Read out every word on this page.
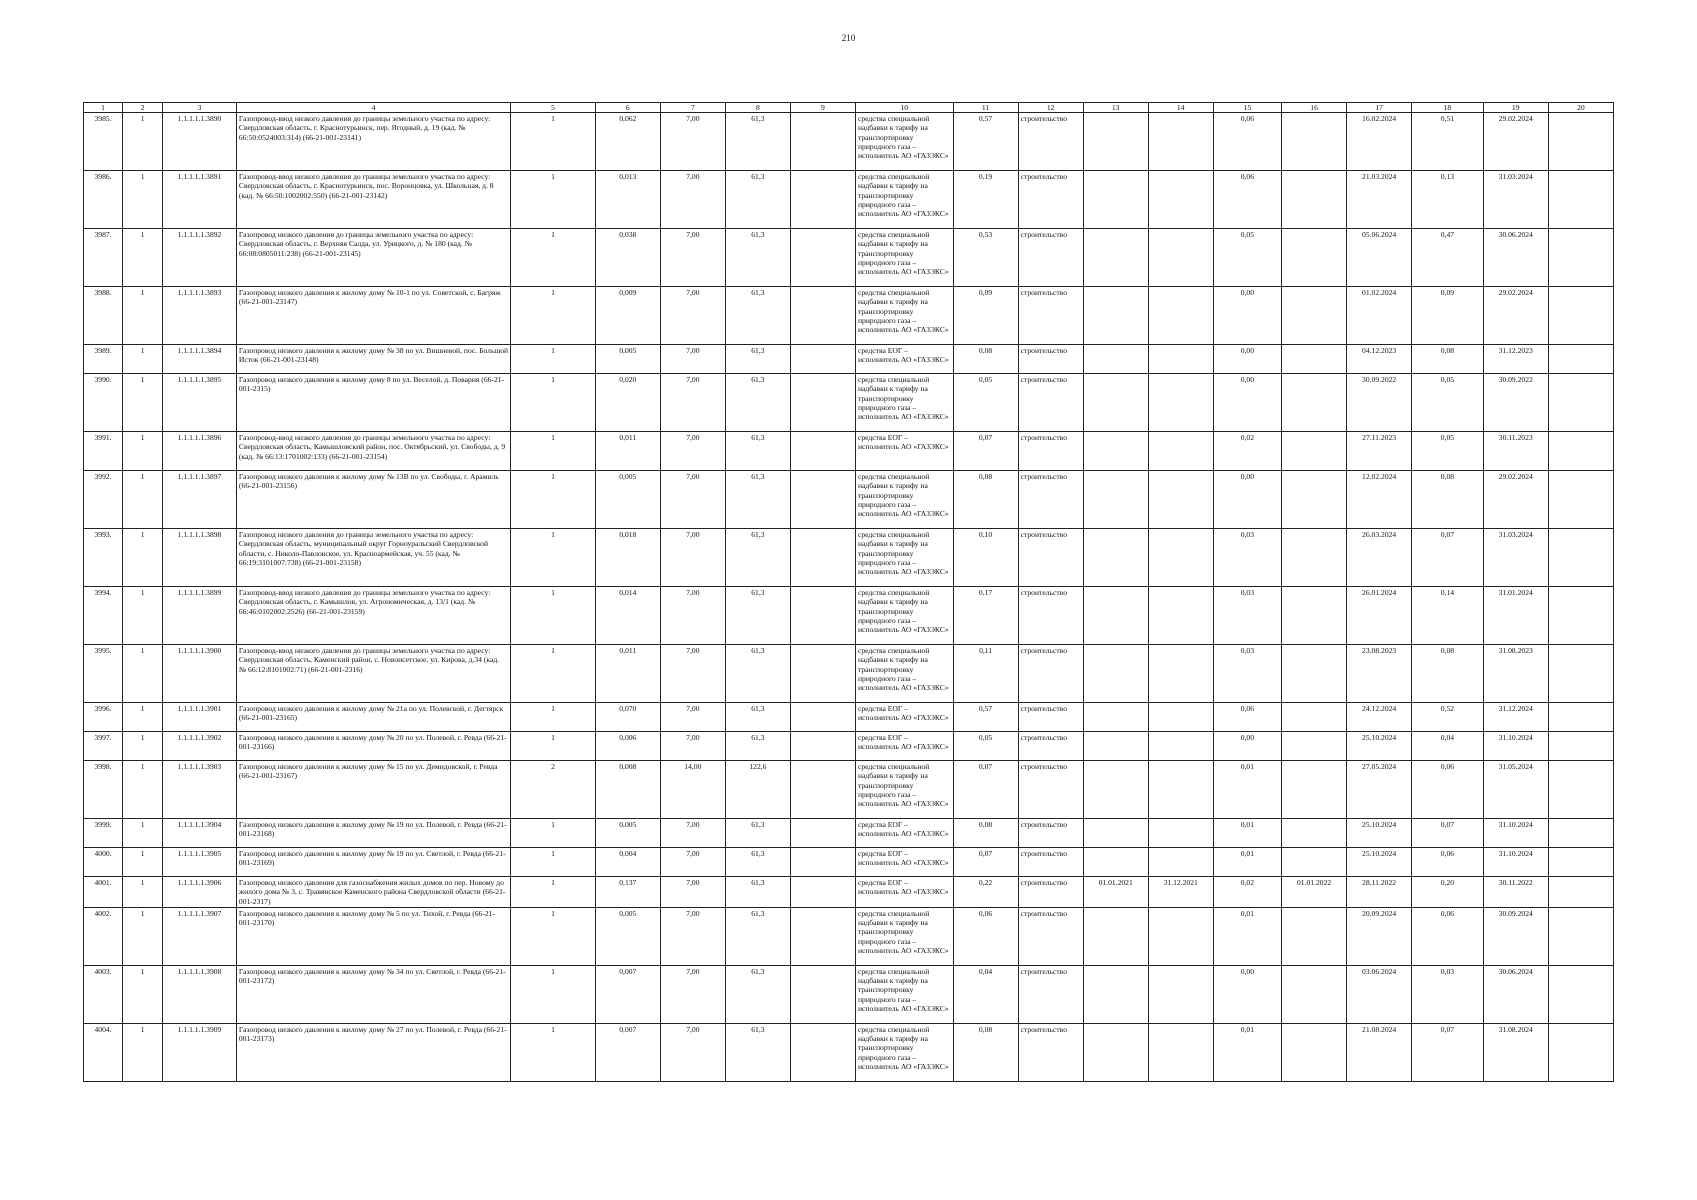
210
1	2	3	4	5	6	7	8	9	10	11	12	13	14	15	16	17	18	19	20
3985.	1	1.1.1.1.1.3890	Газопровод-ввод низкого давления до границы земельного участка по адресу: Свердловская область, г. Краснотурьинск, пер. Ягодный, д. 19 (кад. № 66:50:0524003:314) (66-21-001-23141)	1	0,062	7,00	61,3		средства специальной надбавки к тарифу на транспортировку природного газа – исполнитель АО «ГАЗЭКС»	0,57	строительство			0,06		16.02.2024	0,51	29.02.2024	
3986.	1	1.1.1.1.1.3891	Газопровод-ввод низкого давления до границы земельного участка по адресу: Свердловская область, г. Краснотурьинск, пос. Воронцовка, ул. Школьная, д. 8 (кад. № 66:50:1002002:550) (66-21-001-23142)	1	0,013	7,00	61,3		средства специальной надбавки к тарифу на транспортировку природного газа – исполнитель АО «ГАЗЭКС»	0,19	строительство			0,06		21.03.2024	0,13	31.03.2024	
3987.	1	1.1.1.1.1.3892	Газопровод низкого давления до границы земельного участка по адресу: Свердловская область, г. Верхняя Салда, ул. Урицкого, д. № 180 (кад. № 66:08:0805011:238) (66-21-001-23145)	1	0,038	7,00	61,3		средства специальной надбавки к тарифу на транспортировку природного газа – исполнитель АО «ГАЗЭКС»	0,53	строительство			0,05		05.06.2024	0,47	30.06.2024	
3988.	1	1.1.1.1.1.3893	Газопровод низкого давления к жилому дому № 10-1 по ул. Советской, с. Багряж (66-21-001-23147)	1	0,009	7,00	61,3		средства специальной надбавки к тарифу на транспортировку природного газа – исполнитель АО «ГАЗЭКС»	0,09	строительство			0,00		01.02.2024	0,09	29.02.2024	
3989.	1	1.1.1.1.1.3894	Газопровод низкого давления к жилому дому № 38 по ул. Вишневой, пос. Большой Исток (66-21-001-23148)	1	0,005	7,00	61,3		средства ЕОГ – исполнитель АО «ГАЗЭКС»	0,08	строительство			0,00		04.12.2023	0,08	31.12.2023	
3990.	1	1.1.1.1.1.3895	Газопровод низкого давления к жилому дому 8 по ул. Веселой, д. Поварня (66-21-001-2315)	1	0,020	7,00	61,3		средства специальной надбавки к тарифу на транспортировку природного газа – исполнитель АО «ГАЗЭКС»	0,05	строительство			0,00		30.09.2022	0,05	30.09.2022	
3991.	1	1.1.1.1.1.3896	Газопровод-ввод низкого давления до границы земельного участка по адресу: Свердловская область, Камышловский район, пос. Октябрьский, ул. Свободы, д. 9 (кад. № 66:13:1701002:133) (66-21-001-23154)	1	0,011	7,00	61,3		средства ЕОГ – исполнитель АО «ГАЗЭКС»	0,07	строительство			0,02		27.11.2023	0,05	30.11.2023	
3992.	1	1.1.1.1.1.3897	Газопровод низкого давления к жилому дому № 13В по ул. Свободы, г. Арамиль (66-21-001-23156)	1	0,005	7,00	61,3		средства специальной надбавки к тарифу на транспортировку природного газа – исполнитель АО «ГАЗЭКС»	0,08	строительство			0,00		12.02.2024	0,08	29.02.2024	
3993.	1	1.1.1.1.1.3898	Газопровод низкого давления до границы земельного участка по адресу: Свердловская область, муниципальный округ Горноуральский Свердловской области, с. Николо-Павловское, ул. Красноармейская, уч. 55 (кад. № 66:19:3101007:738) (66-21-001-23158)	1	0,018	7,00	61,3		средства специальной надбавки к тарифу на транспортировку природного газа – исполнитель АО «ГАЗЭКС»	0,10	строительство			0,03		26.03.2024	0,07	31.03.2024	
3994.	1	1.1.1.1.1.3899	Газопровод-ввод низкого давления до границы земельного участка по адресу: Свердловская область, г. Камышлов, ул. Агрономическая, д. 13/1 (кад. № 66:46:0102002:2526) (66-21-001-23159)	1	0,014	7,00	61,3		средства специальной надбавки к тарифу на транспортировку природного газа – исполнитель АО «ГАЗЭКС»	0,17	строительство			0,03		26.01.2024	0,14	31.01.2024	
3995.	1	1.1.1.1.1.3900	Газопровод-ввод низкого давления до границы земельного участка по адресу: Свердловская область, Каменский район, с. Новоисетское, ул. Кирова, д.34 (кад. № 66:12:8101002:71) (66-21-001-2316)	1	0,011	7,00	61,3		средства специальной надбавки к тарифу на транспортировку природного газа – исполнитель АО «ГАЗЭКС»	0,11	строительство			0,03		23.08.2023	0,08	31.08.2023	
3996.	1	1.1.1.1.1.3901	Газопровод низкого давления к жилому дому № 21а по ул. Полевской, г. Дегтярск (66-21-001-23165)	1	0,070	7,00	61,3		средства ЕОГ – исполнитель АО «ГАЗЭКС»	0,57	строительство			0,06		24.12.2024	0,52	31.12.2024	
3997.	1	1.1.1.1.1.3902	Газопровод низкого давления к жилому дому № 20 по ул. Полевой, г. Ревда (66-21-001-23166)	1	0,006	7,00	61,3		средства ЕОГ – исполнитель АО «ГАЗЭКС»	0,05	строительство			0,00		25.10.2024	0,04	31.10.2024	
3998.	1	1.1.1.1.1.3903	Газопровод низкого давления к жилому дому № 15 по ул. Демидовской, г. Ревда (66-21-001-23167)	2	0,008	14,00	122,6		средства специальной надбавки к тарифу на транспортировку природного газа – исполнитель АО «ГАЗЭКС»	0,07	строительство			0,01		27.05.2024	0,06	31.05.2024	
3999.	1	1.1.1.1.1.3904	Газопровод низкого давления к жилому дому № 19 по ул. Полевой, г. Ревда (66-21-001-23168)	1	0,005	7,00	61,3		средства ЕОГ – исполнитель АО «ГАЗЭКС»	0,08	строительство			0,01		25.10.2024	0,07	31.10.2024	
4000.	1	1.1.1.1.1.3905	Газопровод низкого давления к жилому дому № 19 по ул. Светлой, г. Ревда (66-21-001-23169)	1	0,004	7,00	61,3		средства ЕОГ – исполнитель АО «ГАЗЭКС»	0,07	строительство			0,01		25.10.2024	0,06	31.10.2024	
4001.	1	1.1.1.1.1.3906	Газопровод низкого давления для газоснабжения жилых домов по пер. Новому до жилого дома № 3, с. Травянское Каменского района Свердловской области (66-21-001-2317)	1	0,137	7,00	61,3		средства ЕОГ – исполнитель АО «ГАЗЭКС»	0,22	строительство	01.01.2021	31.12.2021	0,02	01.01.2022	28.11.2022	0,20	30.11.2022	
4002.	1	1.1.1.1.1.3907	Газопровод низкого давления к жилому дому № 5 по ул. Тихой, г. Ревда (66-21-001-23170)	1	0,005	7,00	61,3		средства специальной надбавки к тарифу на транспортировку природного газа – исполнитель АО «ГАЗЭКС»	0,06	строительство			0,01		20.09.2024	0,06	30.09.2024	
4003.	1	1.1.1.1.1.3908	Газопровод низкого давления к жилому дому № 34 по ул. Светлой, г. Ревда (66-21-001-23172)	1	0,007	7,00	61,3		средства специальной надбавки к тарифу на транспортировку природного газа – исполнитель АО «ГАЗЭКС»	0,04	строительство			0,00		03.06.2024	0,03	30.06.2024	
4004.	1	1.1.1.1.1.3909	Газопровод низкого давления к жилому дому № 27 по ул. Полевой, г. Ревда (66-21-001-23173)	1	0,007	7,00	61,3		средства специальной надбавки к тарифу на транспортировку природного газа – исполнитель АО «ГАЗЭКС»	0,08	строительство			0,01		21.08.2024	0,07	31.08.2024	
